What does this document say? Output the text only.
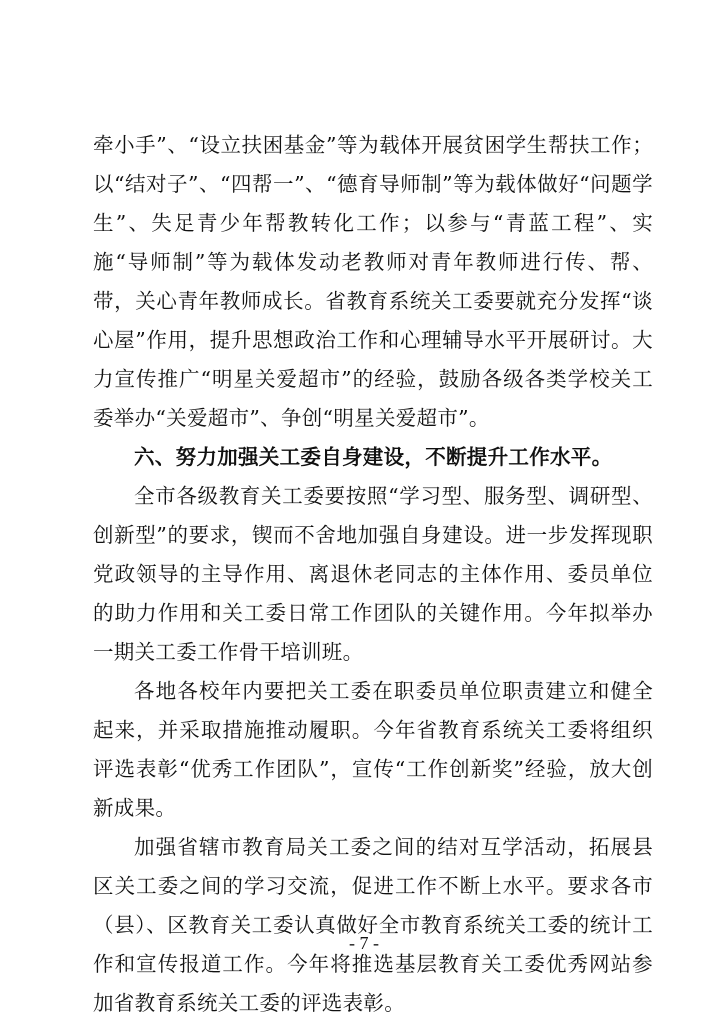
牵小手”、“设立扶困基金”等为载体开展贫困学生帮扶工作；以“结对子”、“四帮一”、“德育导师制”等为载体做好“问题学生”、失足青少年帮教转化工作；以参与“青蓝工程”、实施“导师制”等为载体发动老教师对青年教师进行传、帮、带，关心青年教师成长。省教育系统关工委要就充分发挥“谈心屋”作用，提升思想政治工作和心理辅导水平开展研讨。大力宣传推广“明星关爱超市”的经验，鼓励各级各类学校关工委举办“关爱超市”、争创“明星关爱超市”。

六、努力加强关工委自身建设，不断提升工作水平。

全市各级教育关工委要按照“学习型、服务型、调研型、创新型”的要求，锲而不舍地加强自身建设。进一步发挥现职党政领导的主导作用、离退休老同志的主体作用、委员单位的助力作用和关工委日常工作团队的关键作用。今年拟举办一期关工委工作骨干培训班。

各地各校年内要把关工委在职委员单位职责建立和健全起来，并采取措施推动履职。今年省教育系统关工委将组织评选表彰“优秀工作团队”，宣传“工作创新奖”经验，放大创新成果。

加强省辖市教育局关工委之间的结对互学活动，拓展县区关工委之间的学习交流，促进工作不断上水平。要求各市（县）、区教育关工委认真做好全市教育系统关工委的统计工作和宣传报道工作。今年将推选基层教育关工委优秀网站参加省教育系统关工委的评选表彰。

- 7 -
